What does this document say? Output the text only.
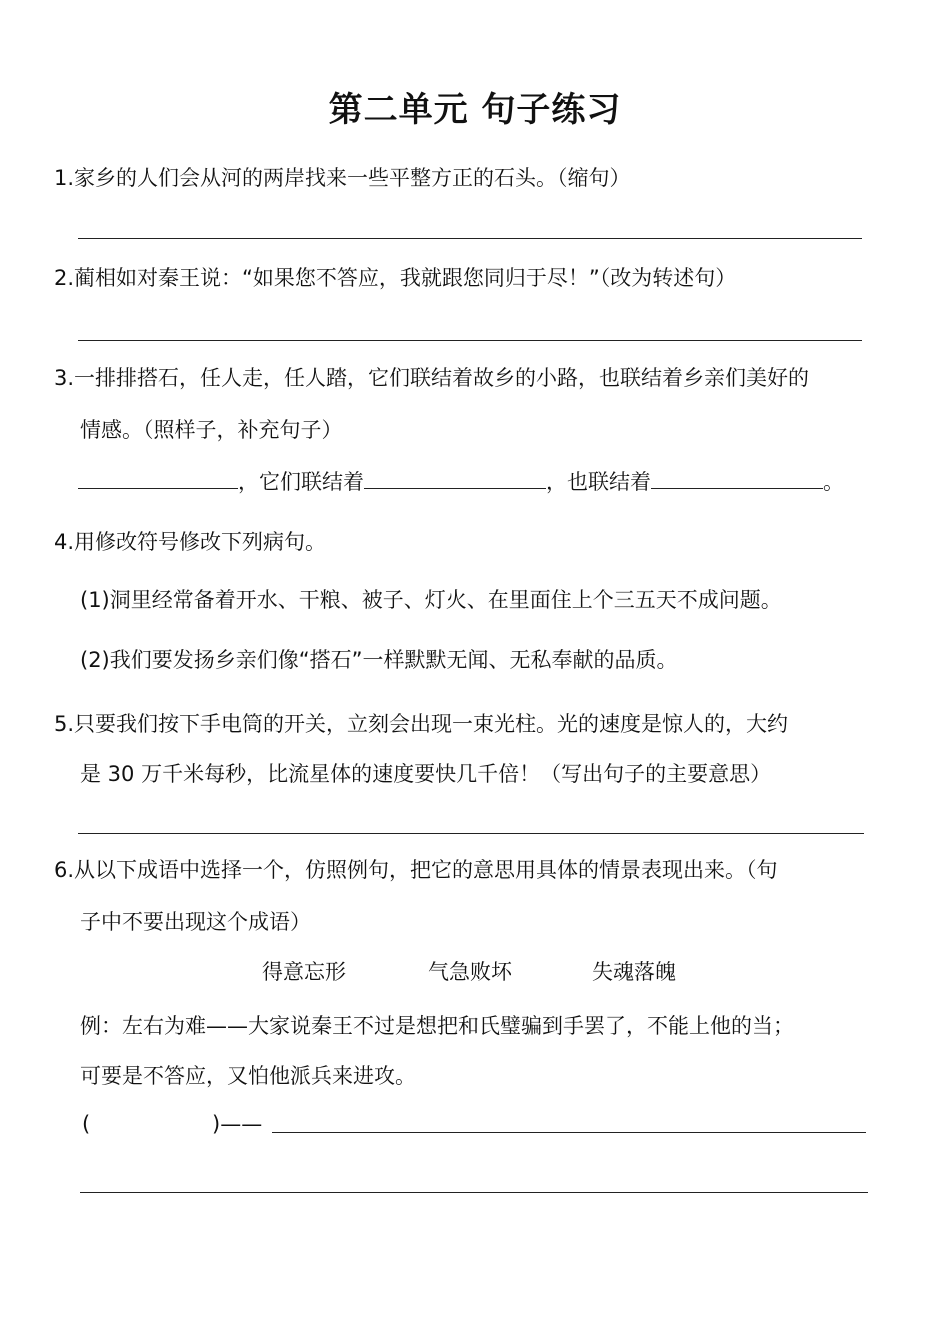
第二单元 句子练习
1.家乡的人们会从河的两岸找来一些平整方正的石头。（缩句）
2.蔺相如对秦王说：“如果您不答应，我就跟您同归于尽！”（改为转述句）
3.一排排搭石，任人走，任人踏，它们联结着故乡的小路，也联结着乡亲们美好的
情感。（照样子，补充句子）
，它们联结着	，也联结着	。
4.用修改符号修改下列病句。
(1)洞里经常备着开水、干粮、被子、灯火、在里面住上个三五天不成问题。
(2)我们要发扬乡亲们像“搭石”一样默默无闻、无私奉献的品质。
5.只要我们按下手电筒的开关，立刻会出现一束光柱。光的速度是惊人的，大约
是 30 万千米每秒，比流星体的速度要快几千倍！（写出句子的主要意思）
6.从以下成语中选择一个，仿照例句，把它的意思用具体的情景表现出来。（句
子中不要出现这个成语）
得意忘形	气急败坏	失魂落魄
例：左右为难——大家说秦王不过是想把和氏璧骗到手罢了，不能上他的当；
可要是不答应，又怕他派兵来进攻。
(	)——
